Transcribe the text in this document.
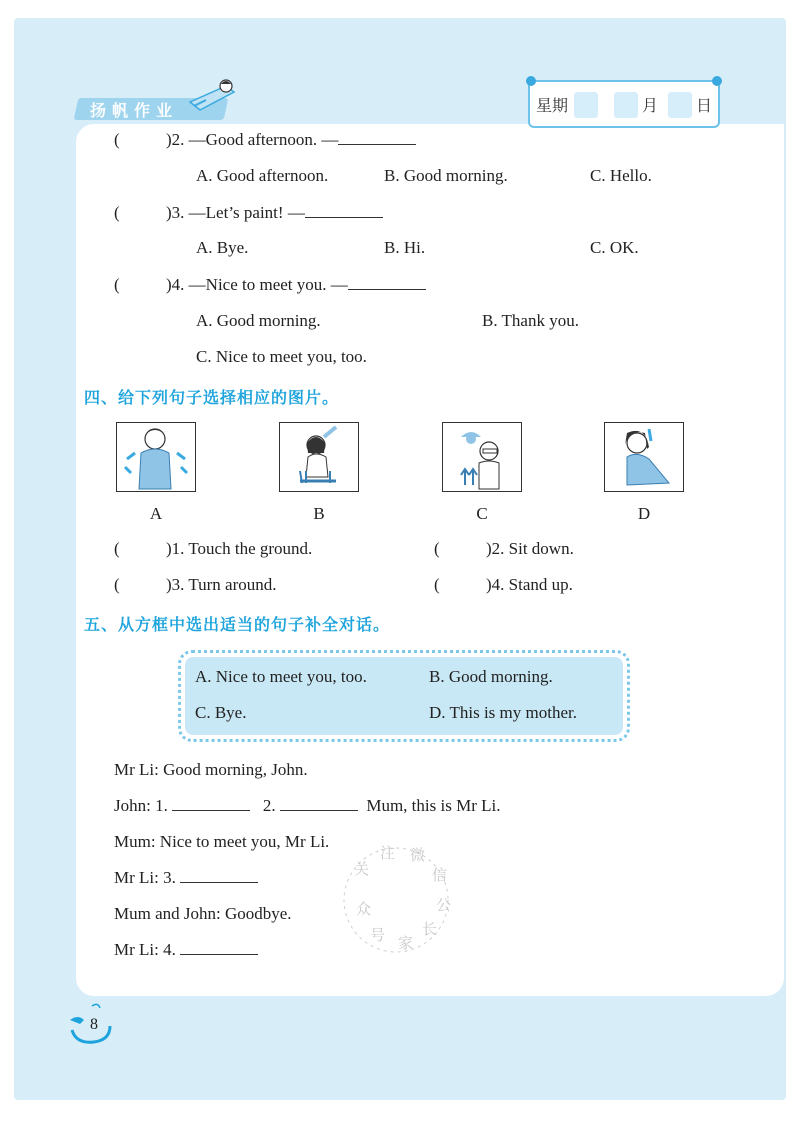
扬帆作业	星期	月 日
(	)2. —Good afternoon. —
A. Good afternoon.	B. Good morning.	C. Hello.
(	)3. —Let’s paint! —
A. Bye.	B. Hi.	C. OK.
(	)4. —Nice to meet you. —
A. Good morning.	B. Thank you.
C. Nice to meet you, too.
四、给下列句子选择相应的图片。
A	B	C	D
(	)1. Touch the ground.	(	)2. Sit down.
(	)3. Turn around.	(	)4. Stand up.
五、从方框中选出适当的句子补全对话。
A. Nice to meet you, too.	B. Good morning.
C. Bye.	D. This is my mother.
Mr Li: Good morning, John.
John: 1.	2.	Mum, this is Mr Li.
Mum: Nice to meet you, Mr Li.
Mr Li: 3.
Mum and John: Goodbye.
Mr Li: 4.
关
注 微
信
公
众
号 家
长
8
